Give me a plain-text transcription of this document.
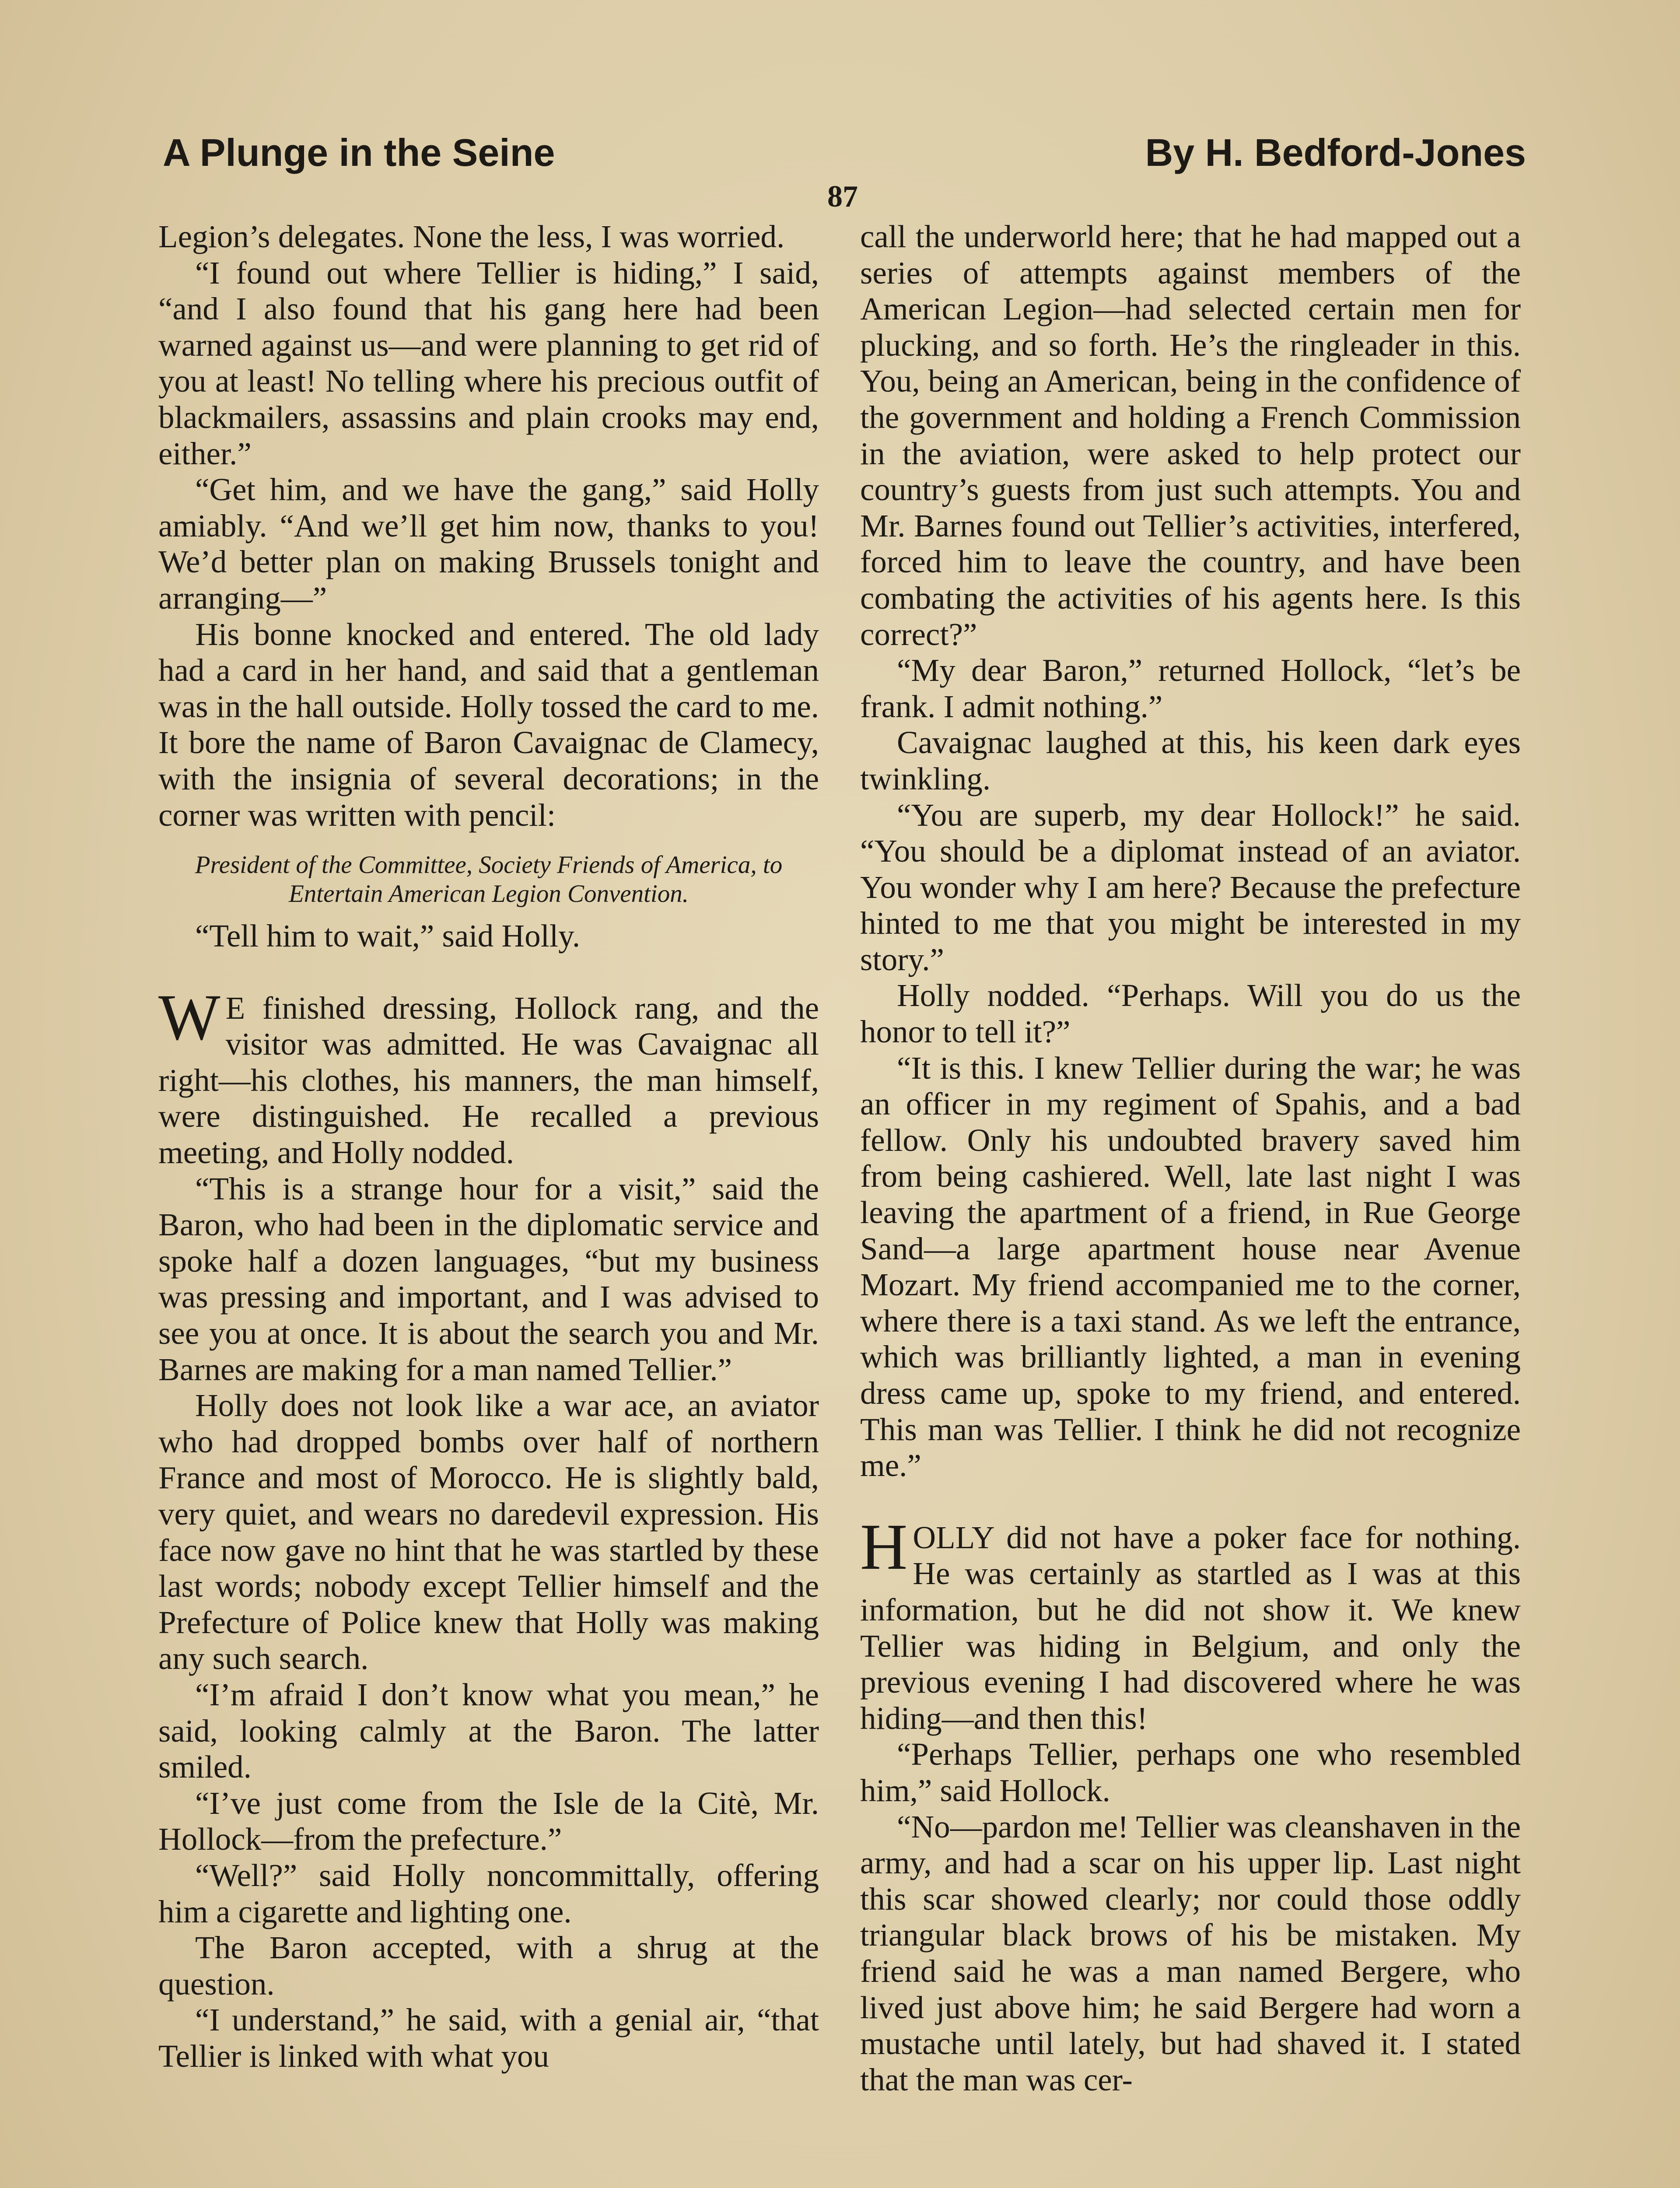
A Plunge in the Seine	By H. Bedford-Jones
87

Legion’s delegates. None the less, I was worried.

“I found out where Tellier is hiding,” I said, “and I also found that his gang here had been warned against us—and were planning to get rid of you at least! No telling where his precious outfit of blackmailers, assassins and plain crooks may end, either.”

“Get him, and we have the gang,” said Holly amiably. “And we’ll get him now, thanks to you! We’d better plan on making Brussels tonight and arranging—”

His bonne knocked and entered. The old lady had a card in her hand, and said that a gentleman was in the hall outside. Holly tossed the card to me. It bore the name of Baron Cavaignac de Clamecy, with the insignia of several decorations; in the corner was written with pencil:

President of the Committee, Society Friends of America, to Entertain American Legion Convention.

“Tell him to wait,” said Holly.

W E finished dressing, Hollock rang, and the visitor was admitted. He was Cavaignac all right—his clothes, his manners, the man himself, were distinguished. He recalled a previous meeting, and Holly nodded.

“This is a strange hour for a visit,” said the Baron, who had been in the diplomatic service and spoke half a dozen languages, “but my business was pressing and important, and I was advised to see you at once. It is about the search you and Mr. Barnes are making for a man named Tellier.”

Holly does not look like a war ace, an aviator who had dropped bombs over half of northern France and most of Morocco. He is slightly bald, very quiet, and wears no daredevil expression. His face now gave no hint that he was startled by these last words; nobody except Tellier himself and the Prefecture of Police knew that Holly was making any such search.

“I’m afraid I don’t know what you mean,” he said, looking calmly at the Baron. The latter smiled.

“I’ve just come from the Isle de la Citè, Mr. Hollock—from the prefecture.”

“Well?” said Holly noncommittally, offering him a cigarette and lighting one.

The Baron accepted, with a shrug at the question.

“I understand,” he said, with a genial air, “that Tellier is linked with what you

call the underworld here; that he had mapped out a series of attempts against members of the American Legion—had selected certain men for plucking, and so forth. He’s the ringleader in this. You, being an American, being in the confidence of the government and holding a French Commission in the aviation, were asked to help protect our country’s guests from just such attempts. You and Mr. Barnes found out Tellier’s activities, interfered, forced him to leave the country, and have been combating the activities of his agents here. Is this correct?”

“My dear Baron,” returned Hollock, “let’s be frank. I admit nothing.”

Cavaignac laughed at this, his keen dark eyes twinkling.

“You are superb, my dear Hollock!” he said. “You should be a diplomat instead of an aviator. You wonder why I am here? Because the prefecture hinted to me that you might be interested in my story.”

Holly nodded. “Perhaps. Will you do us the honor to tell it?”

“It is this. I knew Tellier during the war; he was an officer in my regiment of Spahis, and a bad fellow. Only his undoubted bravery saved him from being cashiered. Well, late last night I was leaving the apartment of a friend, in Rue George Sand—a large apartment house near Avenue Mozart. My friend accompanied me to the corner, where there is a taxi stand. As we left the entrance, which was brilliantly lighted, a man in evening dress came up, spoke to my friend, and entered. This man was Tellier. I think he did not recognize me.”

HOLLY did not have a poker face for nothing. He was certainly as startled as I was at this information, but he did not show it. We knew Tellier was hiding in Belgium, and only the previous evening I had discovered where he was hiding—and then this!

“Perhaps Tellier, perhaps one who resembled him,” said Hollock.

“No—pardon me! Tellier was cleanshaven in the army, and had a scar on his upper lip. Last night this scar showed clearly; nor could those oddly triangular black brows of his be mistaken. My friend said he was a man named Bergere, who lived just above him; he said Bergere had worn a mustache until lately, but had shaved it. I stated that the man was cer-
